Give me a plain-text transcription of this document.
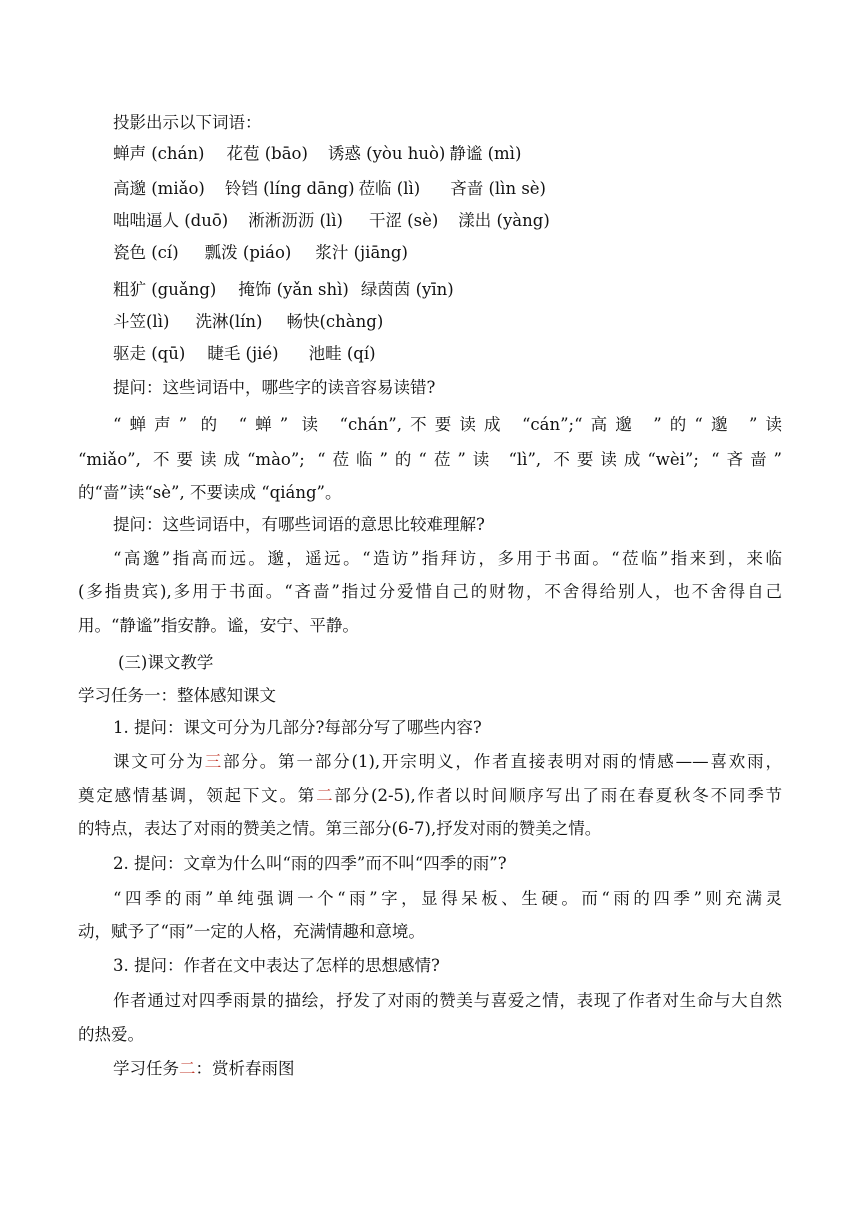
投影出示以下词语：
蝉声 (chán) 花苞 (bāo) 诱惑 (yòu huò) 静谧 (mì)
高邈 (miǎo) 铃铛 (líng dāng) 莅临 (lì) 吝啬 (lìn sè)
咄咄逼人 (duō) 淅淅沥沥 (lì) 干涩 (sè) 漾出 (yàng)
瓷色 (cí) 瓢泼 (piáo) 浆汁 (jiāng)
粗犷 (guǎng) 掩饰 (yǎn shì) 绿茵茵 (yīn)
斗笠(lì) 洗淋(lín) 畅快(chàng)
驱走 (qū) 睫毛 (jié) 池畦 (qí)
提问：这些词语中，哪些字的读音容易读错?
“蝉声” 的 “蝉” 读 “chán”,不要读成 “cán”;“高邈 ”的“邈 ”读
“miǎo”, 不要读成“mào”; “莅临”的“莅”读 “lì”, 不要读成“wèi”; “吝啬”
的“啬”读“sè”, 不要读成 “qiáng”。
提问：这些词语中，有哪些词语的意思比较难理解?
“高邈”指高而远。邈，遥远。“造访”指拜访，多用于书面。“莅临”指来到，来临
(多指贵宾),多用于书面。“吝啬”指过分爱惜自己的财物，不舍得给别人，也不舍得自己
用。“静谧”指安静。谧，安宁、平静。
(三)课文教学
学习任务一：整体感知课文
1. 提问：课文可分为几部分?每部分写了哪些内容?
课文可分为三部分。第一部分(1),开宗明义，作者直接表明对雨的情感——喜欢雨，
奠定感情基调，领起下文。第二部分(2-5),作者以时间顺序写出了雨在春夏秋冬不同季节
的特点，表达了对雨的赞美之情。第三部分(6-7),抒发对雨的赞美之情。
2. 提问：文章为什么叫“雨的四季”而不叫“四季的雨”?
“四季的雨”单纯强调一个“雨”字，显得呆板、生硬。而“雨的四季”则充满灵
动，赋予了“雨”一定的人格，充满情趣和意境。
3. 提问：作者在文中表达了怎样的思想感情?
作者通过对四季雨景的描绘，抒发了对雨的赞美与喜爱之情，表现了作者对生命与大自然
的热爱。
学习任务二：赏析春雨图
